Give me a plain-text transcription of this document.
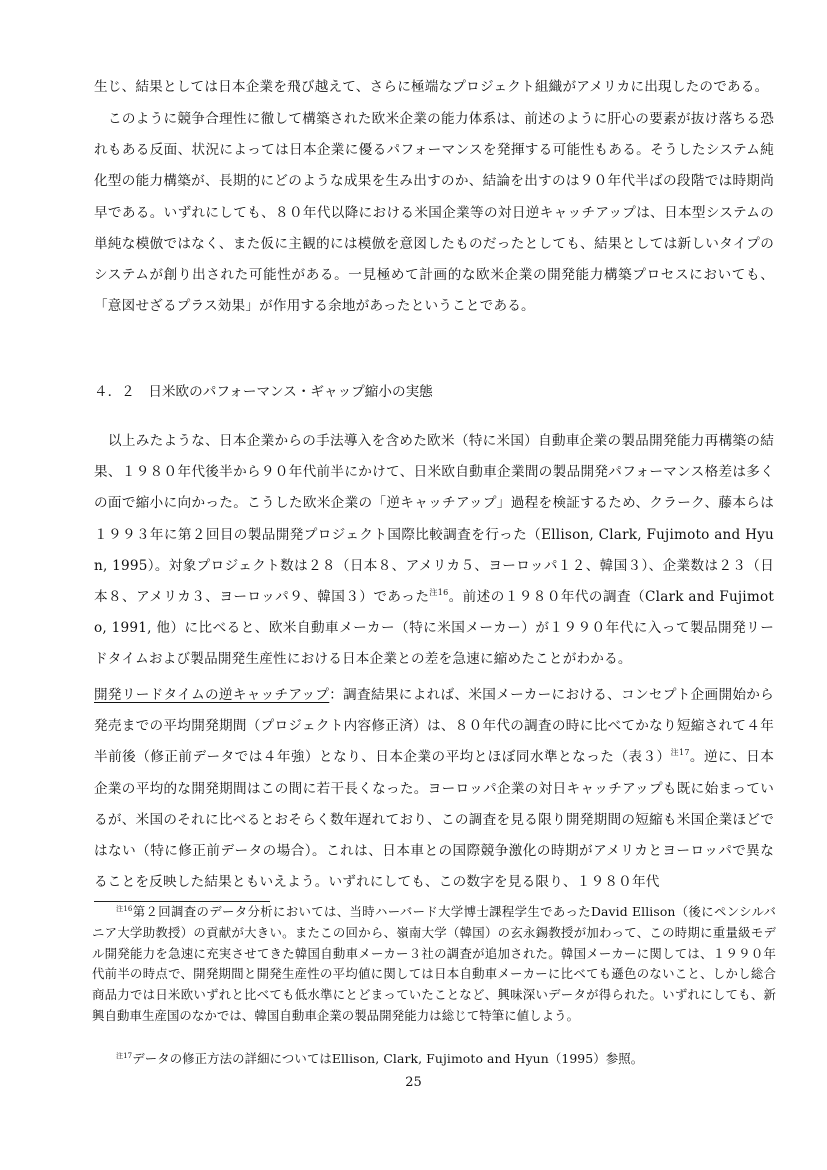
生じ、結果としては日本企業を飛び越えて、さらに極端なプロジェクト組織がアメリカに出現したのである。

このように競争合理性に徹して構築された欧米企業の能力体系は、前述のように肝心の要素が抜け落ちる恐れもある反面、状況によっては日本企業に優るパフォーマンスを発揮する可能性もある。そうしたシステム純化型の能力構築が、長期的にどのような成果を生み出すのか、結論を出すのは９０年代半ばの段階では時期尚早である。いずれにしても、８０年代以降における米国企業等の対日逆キャッチアップは、日本型システムの単純な模倣ではなく、また仮に主観的には模倣を意図したものだったとしても、結果としては新しいタイプのシステムが創り出された可能性がある。一見極めて計画的な欧米企業の開発能力構築プロセスにおいても、「意図せざるプラス効果」が作用する余地があったということである。

４．２　日米欧のパフォーマンス・ギャップ縮小の実態

以上みたような、日本企業からの手法導入を含めた欧米（特に米国）自動車企業の製品開発能力再構築の結果、１９８０年代後半から９０年代前半にかけて、日米欧自動車企業間の製品開発パフォーマンス格差は多くの面で縮小に向かった。こうした欧米企業の「逆キャッチアップ」過程を検証するため、クラーク、藤本らは１９９３年に第２回目の製品開発プロジェクト国際比較調査を行った（Ellison, Clark, Fujimoto and Hyun, 1995）。対象プロジェクト数は２８（日本８、アメリカ５、ヨーロッパ１２、韓国３）、企業数は２３（日本８、アメリカ３、ヨーロッパ９、韓国３）であった$^{注16}$。前述の１９８０年代の調査（Clark and Fujimoto, 1991, 他）に比べると、欧米自動車メーカー（特に米国メーカー）が１９９０年代に入って製品開発リードタイムおよび製品開発生産性における日本企業との差を急速に縮めたことがわかる。

開発リードタイムの逆キャッチアップ：調査結果によれば、米国メーカーにおける、コンセプト企画開始から発売までの平均開発期間（プロジェクト内容修正済）は、８０年代の調査の時に比べてかなり短縮されて４年半前後（修正前データでは４年強）となり、日本企業の平均とほぼ同水準となった（表３）$^{注17}$。逆に、日本企業の平均的な開発期間はこの間に若干長くなった。ヨーロッパ企業の対日キャッチアップも既に始まっているが、米国のそれに比べるとおそらく数年遅れており、この調査を見る限り開発期間の短縮も米国企業ほどではない（特に修正前データの場合）。これは、日本車との国際競争激化の時期がアメリカとヨーロッパで異なることを反映した結果ともいえよう。いずれにしても、この数字を見る限り、１９８０年代

$^{注16}$第２回調査のデータ分析においては、当時ハーバード大学博士課程学生であったDavid Ellison（後にペンシルバニア大学助教授）の貢献が大きい。またこの回から、嶺南大学（韓国）の玄永錫教授が加わって、この時期に重量級モデル開発能力を急速に充実させてきた韓国自動車メーカー３社の調査が追加された。韓国メーカーに関しては、１９９０年代前半の時点で、開発期間と開発生産性の平均値に関しては日本自動車メーカーに比べても遜色のないこと、しかし総合商品力では日米欧いずれと比べても低水準にとどまっていたことなど、興味深いデータが得られた。いずれにしても、新興自動車生産国のなかでは、韓国自動車企業の製品開発能力は総じて特筆に値しよう。

$^{注17}$データの修正方法の詳細についてはEllison, Clark, Fujimoto and Hyun（1995）参照。

25
